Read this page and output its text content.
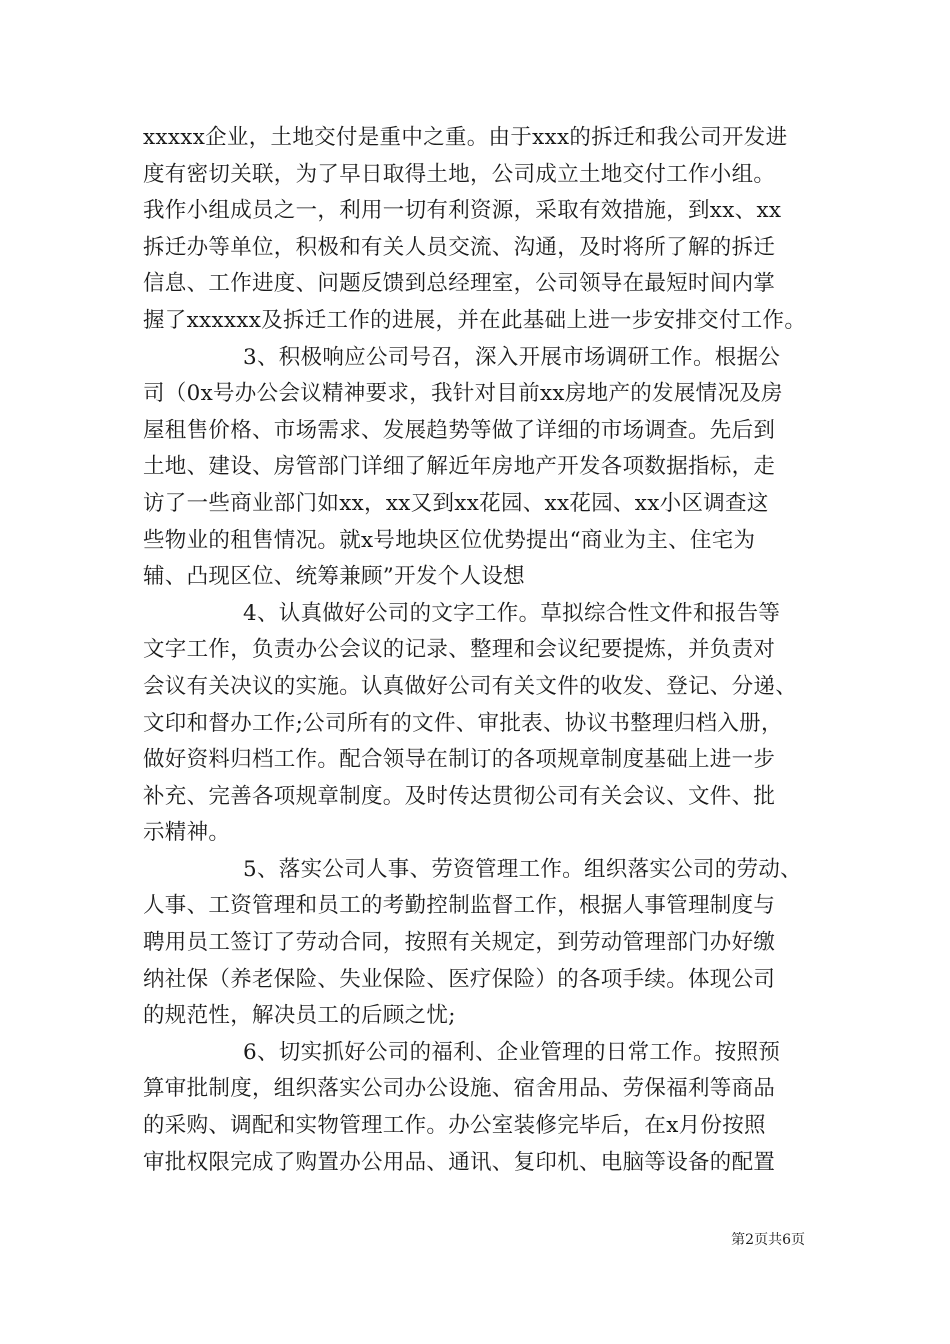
xxxxx企业，土地交付是重中之重。由于xxx的拆迁和我公司开发进
度有密切关联，为了早日取得土地，公司成立土地交付工作小组。
我作小组成员之一，利用一切有利资源，采取有效措施，到xx、xx
拆迁办等单位，积极和有关人员交流、沟通，及时将所了解的拆迁
信息、工作进度、问题反馈到总经理室，公司领导在最短时间内掌
握了xxxxxx及拆迁工作的进展，并在此基础上进一步安排交付工作。
3、积极响应公司号召，深入开展市场调研工作。根据公
司（0x号办公会议精神要求，我针对目前xx房地产的发展情况及房
屋租售价格、市场需求、发展趋势等做了详细的市场调查。先后到
土地、建设、房管部门详细了解近年房地产开发各项数据指标，走
访了一些商业部门如xx，xx又到xx花园、xx花园、xx小区调查这
些物业的租售情况。就x号地块区位优势提出“商业为主、住宅为
辅、凸现区位、统筹兼顾”开发个人设想
4、认真做好公司的文字工作。草拟综合性文件和报告等
文字工作，负责办公会议的记录、整理和会议纪要提炼，并负责对
会议有关决议的实施。认真做好公司有关文件的收发、登记、分递、
文印和督办工作;公司所有的文件、审批表、协议书整理归档入册，
做好资料归档工作。配合领导在制订的各项规章制度基础上进一步
补充、完善各项规章制度。及时传达贯彻公司有关会议、文件、批
示精神。
5、落实公司人事、劳资管理工作。组织落实公司的劳动、
人事、工资管理和员工的考勤控制监督工作，根据人事管理制度与
聘用员工签订了劳动合同，按照有关规定，到劳动管理部门办好缴
纳社保（养老保险、失业保险、医疗保险）的各项手续。体现公司
的规范性，解决员工的后顾之忧;
6、切实抓好公司的福利、企业管理的日常工作。按照预
算审批制度，组织落实公司办公设施、宿舍用品、劳保福利等商品
的采购、调配和实物管理工作。办公室装修完毕后，在x月份按照
审批权限完成了购置办公用品、通讯、复印机、电脑等设备的配置
第2页共6页
